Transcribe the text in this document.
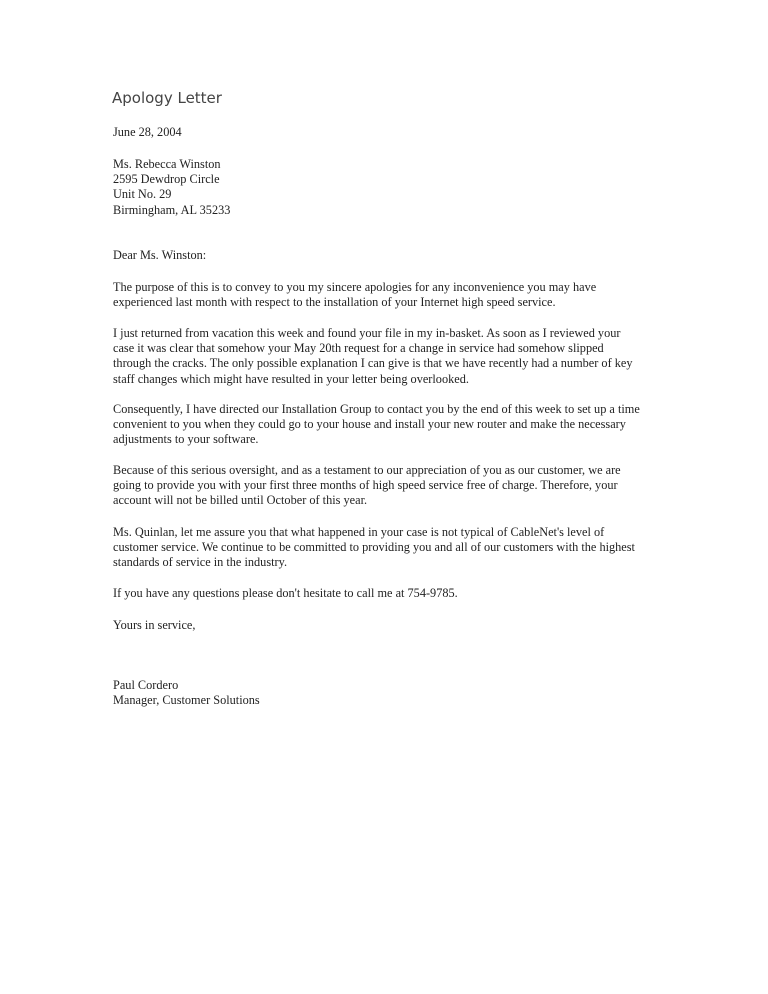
Apology Letter
June 28, 2004
Ms. Rebecca Winston
2595 Dewdrop Circle
Unit No. 29
Birmingham, AL 35233
Dear Ms. Winston:
The purpose of this is to convey to you my sincere apologies for any inconvenience you may have
experienced last month with respect to the installation of your Internet high speed service.
I just returned from vacation this week and found your file in my in-basket. As soon as I reviewed your
case it was clear that somehow your May 20th request for a change in service had somehow slipped
through the cracks. The only possible explanation I can give is that we have recently had a number of key
staff changes which might have resulted in your letter being overlooked.
Consequently, I have directed our Installation Group to contact you by the end of this week to set up a time
convenient to you when they could go to your house and install your new router and make the necessary
adjustments to your software.
Because of this serious oversight, and as a testament to our appreciation of you as our customer, we are
going to provide you with your first three months of high speed service free of charge. Therefore, your
account will not be billed until October of this year.
Ms. Quinlan, let me assure you that what happened in your case is not typical of CableNet's level of
customer service. We continue to be committed to providing you and all of our customers with the highest
standards of service in the industry.
If you have any questions please don't hesitate to call me at 754-9785.
Yours in service,
Paul Cordero
Manager, Customer Solutions
